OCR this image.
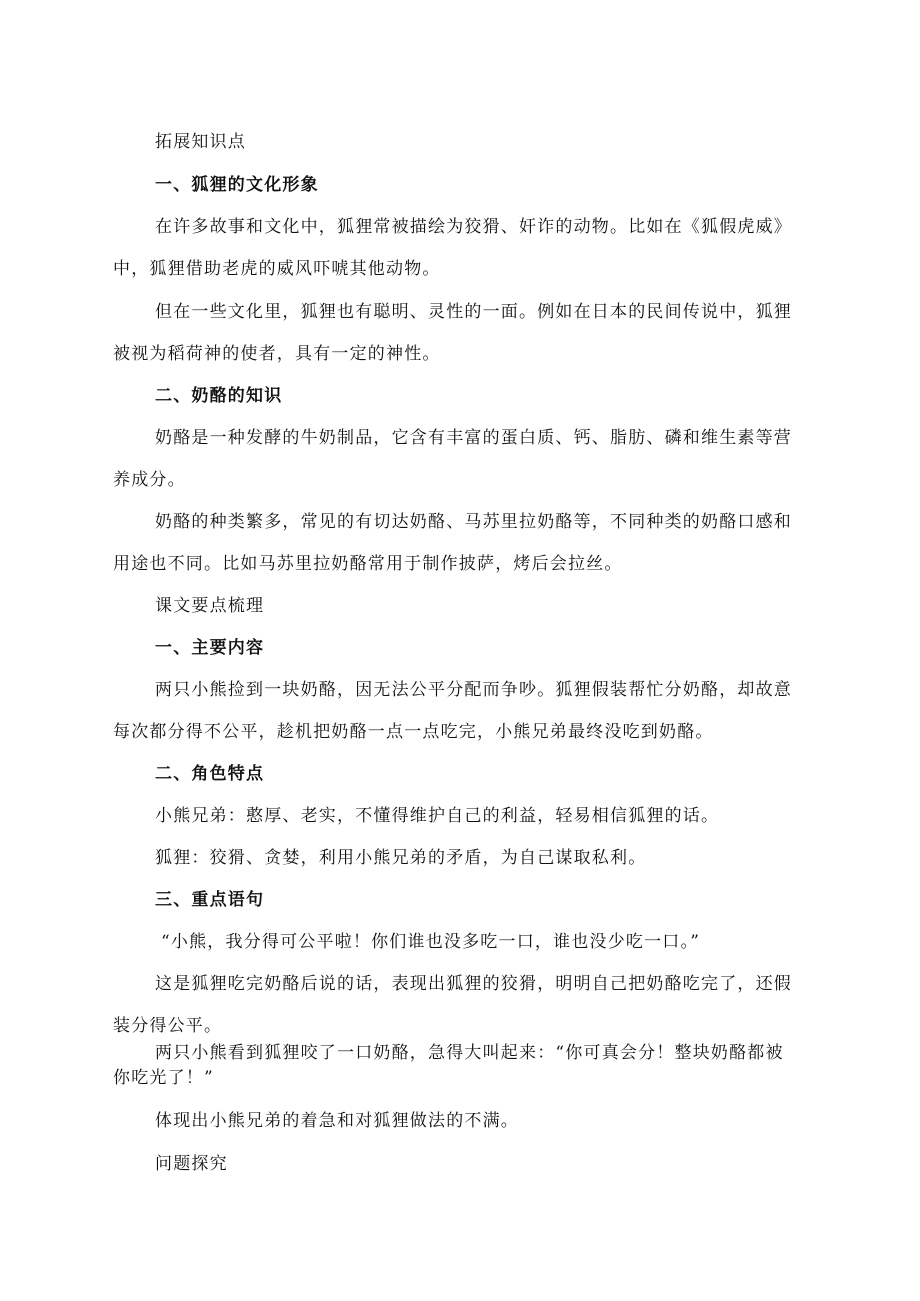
拓展知识点
一、狐狸的文化形象
在许多故事和文化中，狐狸常被描绘为狡猾、奸诈的动物。比如在《狐假虎威》
中，狐狸借助老虎的威风吓唬其他动物。
但在一些文化里，狐狸也有聪明、灵性的一面。例如在日本的民间传说中，狐狸
被视为稻荷神的使者，具有一定的神性。
二、奶酪的知识
奶酪是一种发酵的牛奶制品，它含有丰富的蛋白质、钙、脂肪、磷和维生素等营
养成分。
奶酪的种类繁多，常见的有切达奶酪、马苏里拉奶酪等，不同种类的奶酪口感和
用途也不同。比如马苏里拉奶酪常用于制作披萨，烤后会拉丝。
课文要点梳理
一、主要内容
两只小熊捡到一块奶酪，因无法公平分配而争吵。狐狸假装帮忙分奶酪，却故意
每次都分得不公平，趁机把奶酪一点一点吃完，小熊兄弟最终没吃到奶酪。
二、角色特点
小熊兄弟：憨厚、老实，不懂得维护自己的利益，轻易相信狐狸的话。
狐狸：狡猾、贪婪，利用小熊兄弟的矛盾，为自己谋取私利。
三、重点语句
“小熊，我分得可公平啦！你们谁也没多吃一口，谁也没少吃一口。”
这是狐狸吃完奶酪后说的话，表现出狐狸的狡猾，明明自己把奶酪吃完了，还假
装分得公平。
两只小熊看到狐狸咬了一口奶酪，急得大叫起来：“你可真会分！整块奶酪都被
你吃光了！”
体现出小熊兄弟的着急和对狐狸做法的不满。
问题探究
